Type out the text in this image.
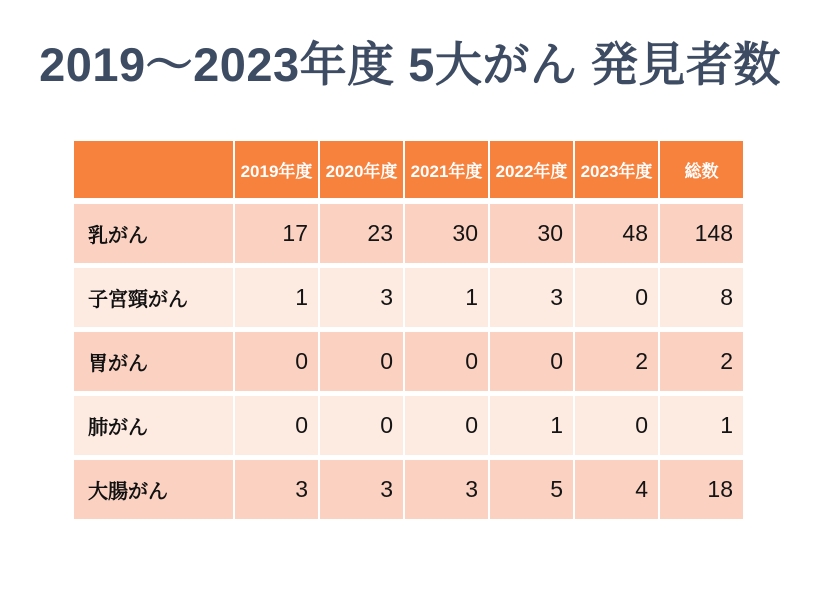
2019〜2023年度 5大がん 発見者数
	2019年度	2020年度	2021年度	2022年度	2023年度	総数
乳がん	17	23	30	30	48	148
子宮頸がん	1	3	1	3	0	8
胃がん	0	0	0	0	2	2
肺がん	0	0	0	1	0	1
大腸がん	3	3	3	5	4	18
